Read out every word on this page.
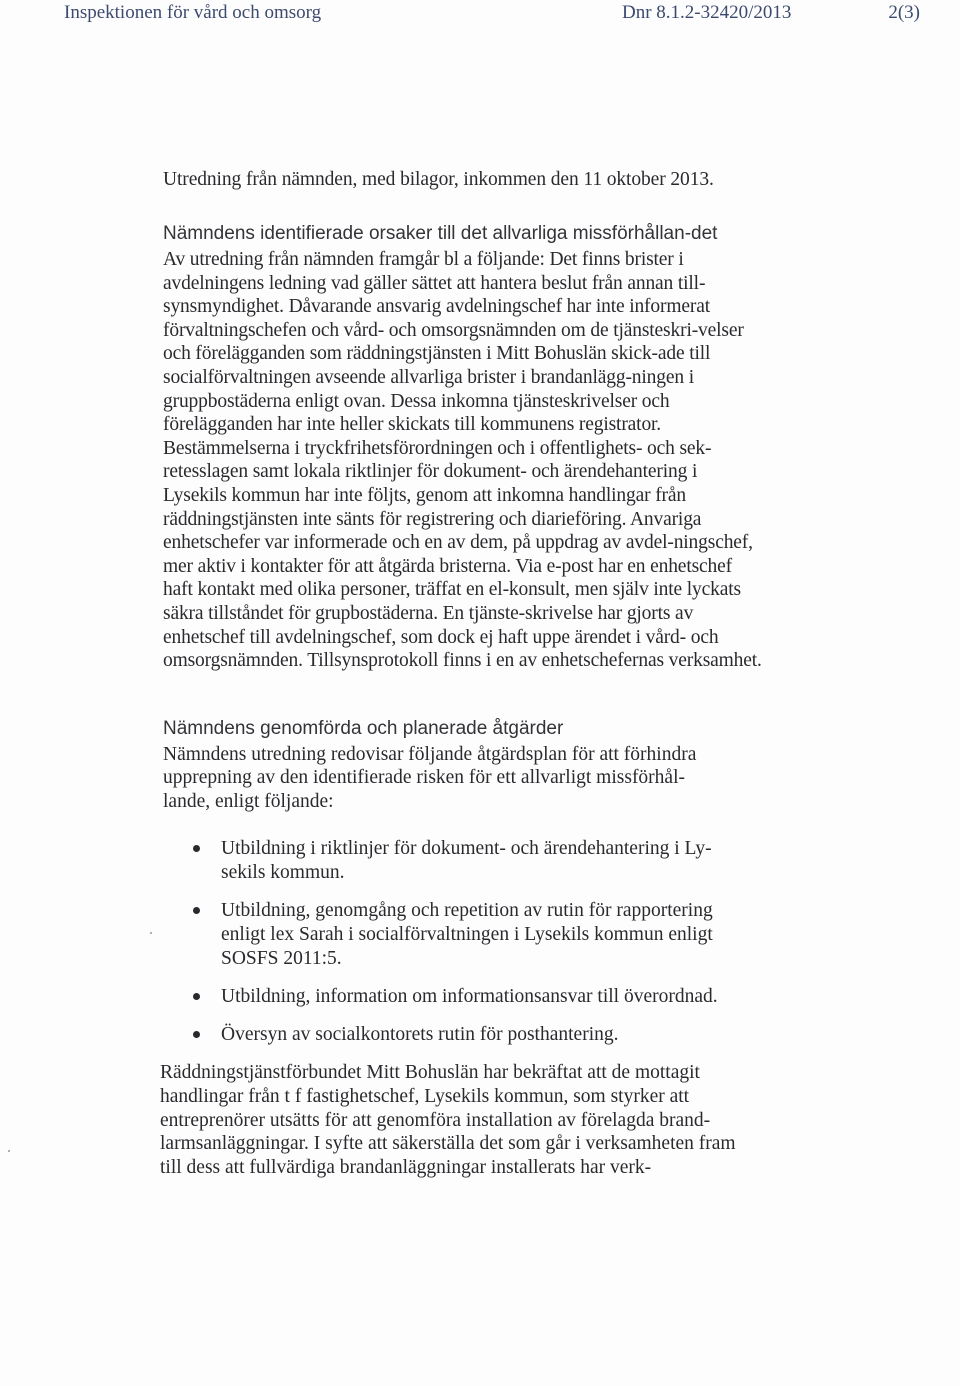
Inspektionen för vård och omsorg	Dnr 8.1.2-32420/2013	2(3)

Utredning från nämnden, med bilagor, inkommen den 11 oktober 2013.

Nämndens identifierade orsaker till det allvarliga missförhållan-det

Av utredning från nämnden framgår bl a följande: Det finns brister i avdelningens ledning vad gäller sättet att hantera beslut från annan till-synsmyndighet. Dåvarande ansvarig avdelningschef har inte informerat förvaltningschefen och vård- och omsorgsnämnden om de tjänsteskri-velser och förelägganden som räddningstjänsten i Mitt Bohuslän skick-ade till socialförvaltningen avseende allvarliga brister i brandanlägg-ningen i gruppbostäderna enligt ovan. Dessa inkomna tjänsteskrivelser och förelägganden har inte heller skickats till kommunens registrator. Bestämmelserna i tryckfrihetsförordningen och i offentlighets- och sek-retesslagen samt lokala riktlinjer för dokument- och ärendehantering i Lysekils kommun har inte följts, genom att inkomna handlingar från räddningstjänsten inte sänts för registrering och diarieföring. Anvariga enhetschefer var informerade och en av dem, på uppdrag av avdel-ningschef, mer aktiv i kontakter för att åtgärda bristerna. Via e-post har en enhetschef haft kontakt med olika personer, träffat en el-konsult, men själv inte lyckats säkra tillståndet för grupbostäderna. En tjänste-skrivelse har gjorts av enhetschef till avdelningschef, som dock ej haft uppe ärendet i vård- och omsorgsnämnden. Tillsynsprotokoll finns i en av enhetschefernas verksamhet.

Nämndens genomförda och planerade åtgärder

Nämndens utredning redovisar följande åtgärdsplan för att förhindra upprepning av den identifierade risken för ett allvarligt missförhål-lande, enligt följande:

Utbildning i riktlinjer för dokument- och ärendehantering i Ly-sekils kommun.
Utbildning, genomgång och repetition av rutin för rapportering enligt lex Sarah i socialförvaltningen i Lysekils kommun enligt SOSFS 2011:5.
Utbildning, information om informationsansvar till överordnad.
Översyn av socialkontorets rutin för posthantering.

Räddningstjänstförbundet Mitt Bohuslän har bekräftat att de mottagit handlingar från t f fastighetschef, Lysekils kommun, som styrker att entreprenörer utsätts för att genomföra installation av förelagda brand-larmsanläggningar. I syfte att säkerställa det som går i verksamheten fram till dess att fullvärdiga brandanläggningar installerats har verk-
